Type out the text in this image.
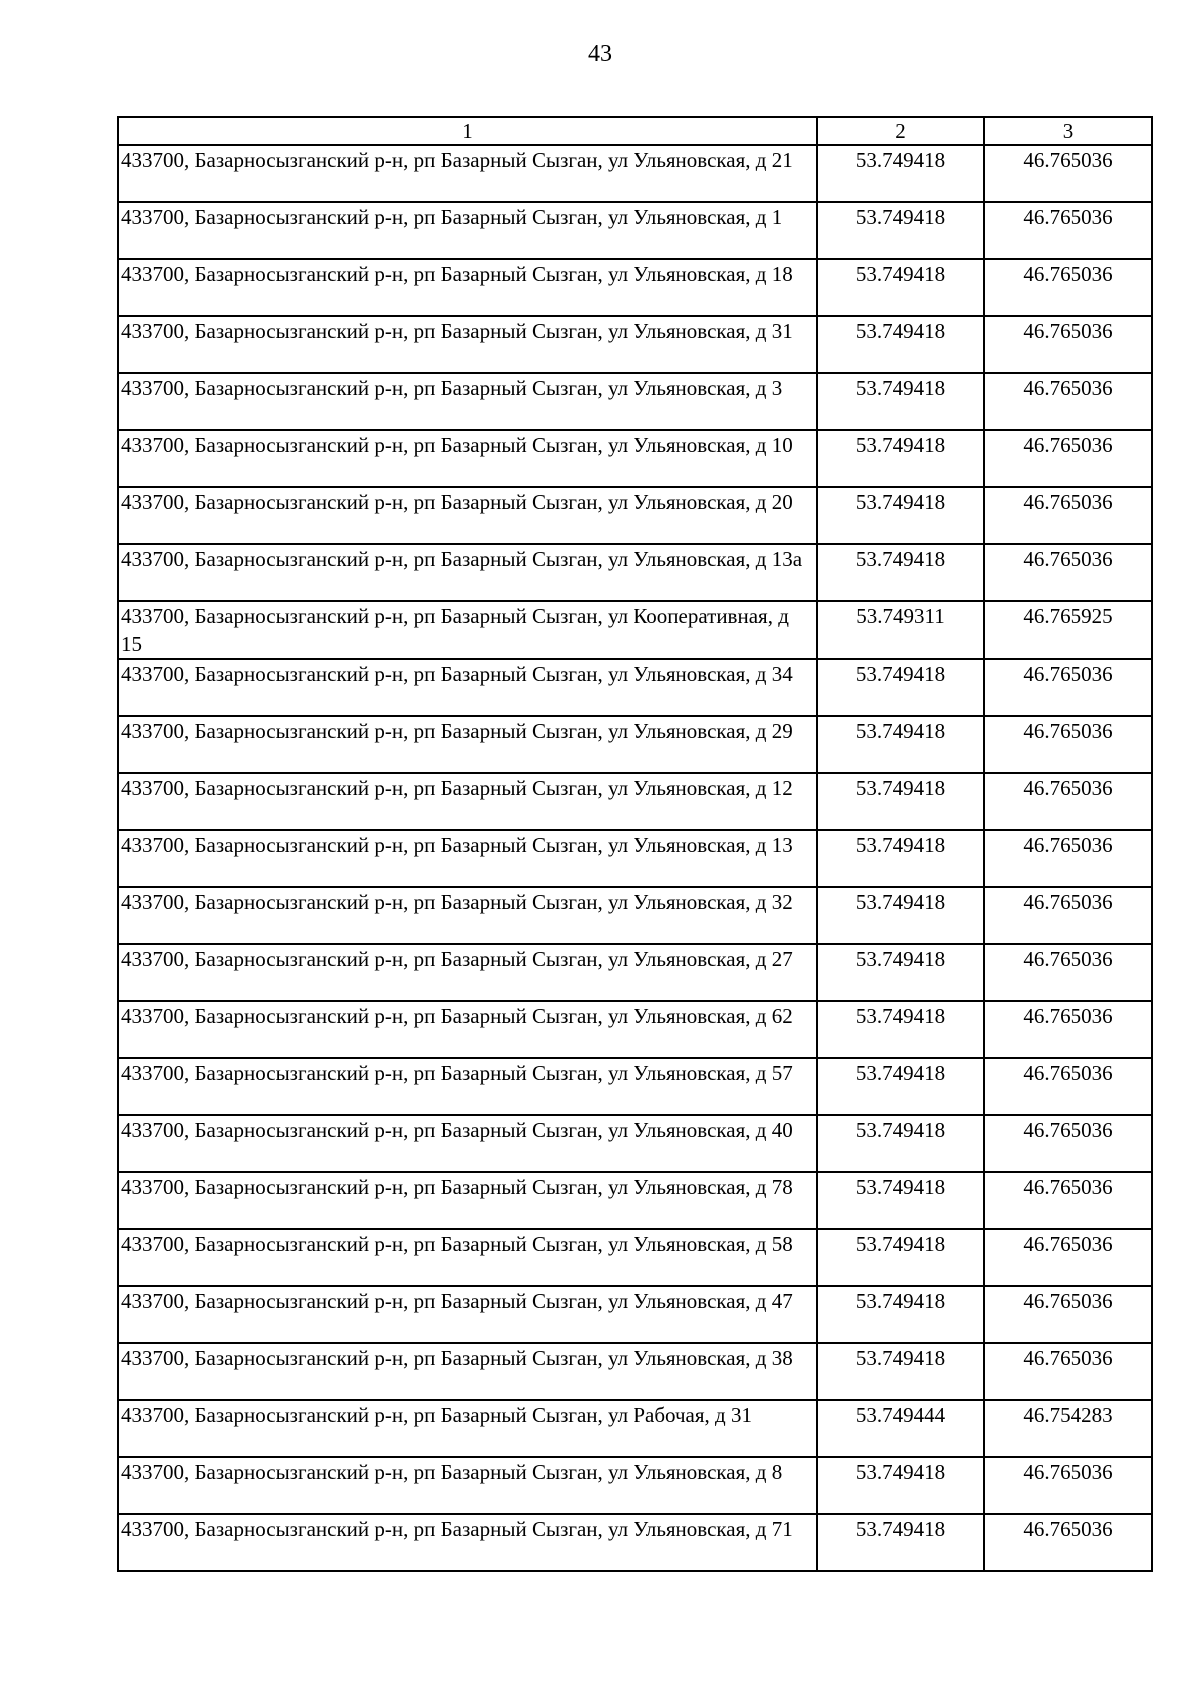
43
1	2	3
433700, Базарносызганский р-н, рп Базарный Сызган, ул Ульяновская, д 21	53.749418	46.765036
433700, Базарносызганский р-н, рп Базарный Сызган, ул Ульяновская, д 1	53.749418	46.765036
433700, Базарносызганский р-н, рп Базарный Сызган, ул Ульяновская, д 18	53.749418	46.765036
433700, Базарносызганский р-н, рп Базарный Сызган, ул Ульяновская, д 31	53.749418	46.765036
433700, Базарносызганский р-н, рп Базарный Сызган, ул Ульяновская, д 3	53.749418	46.765036
433700, Базарносызганский р-н, рп Базарный Сызган, ул Ульяновская, д 10	53.749418	46.765036
433700, Базарносызганский р-н, рп Базарный Сызган, ул Ульяновская, д 20	53.749418	46.765036
433700, Базарносызганский р-н, рп Базарный Сызган, ул Ульяновская, д 13а	53.749418	46.765036
433700, Базарносызганский р-н, рп Базарный Сызган, ул Кооперативная, д 15	53.749311	46.765925
433700, Базарносызганский р-н, рп Базарный Сызган, ул Ульяновская, д 34	53.749418	46.765036
433700, Базарносызганский р-н, рп Базарный Сызган, ул Ульяновская, д 29	53.749418	46.765036
433700, Базарносызганский р-н, рп Базарный Сызган, ул Ульяновская, д 12	53.749418	46.765036
433700, Базарносызганский р-н, рп Базарный Сызган, ул Ульяновская, д 13	53.749418	46.765036
433700, Базарносызганский р-н, рп Базарный Сызган, ул Ульяновская, д 32	53.749418	46.765036
433700, Базарносызганский р-н, рп Базарный Сызган, ул Ульяновская, д 27	53.749418	46.765036
433700, Базарносызганский р-н, рп Базарный Сызган, ул Ульяновская, д 62	53.749418	46.765036
433700, Базарносызганский р-н, рп Базарный Сызган, ул Ульяновская, д 57	53.749418	46.765036
433700, Базарносызганский р-н, рп Базарный Сызган, ул Ульяновская, д 40	53.749418	46.765036
433700, Базарносызганский р-н, рп Базарный Сызган, ул Ульяновская, д 78	53.749418	46.765036
433700, Базарносызганский р-н, рп Базарный Сызган, ул Ульяновская, д 58	53.749418	46.765036
433700, Базарносызганский р-н, рп Базарный Сызган, ул Ульяновская, д 47	53.749418	46.765036
433700, Базарносызганский р-н, рп Базарный Сызган, ул Ульяновская, д 38	53.749418	46.765036
433700, Базарносызганский р-н, рп Базарный Сызган, ул Рабочая, д 31	53.749444	46.754283
433700, Базарносызганский р-н, рп Базарный Сызган, ул Ульяновская, д 8	53.749418	46.765036
433700, Базарносызганский р-н, рп Базарный Сызган, ул Ульяновская, д 71	53.749418	46.765036
